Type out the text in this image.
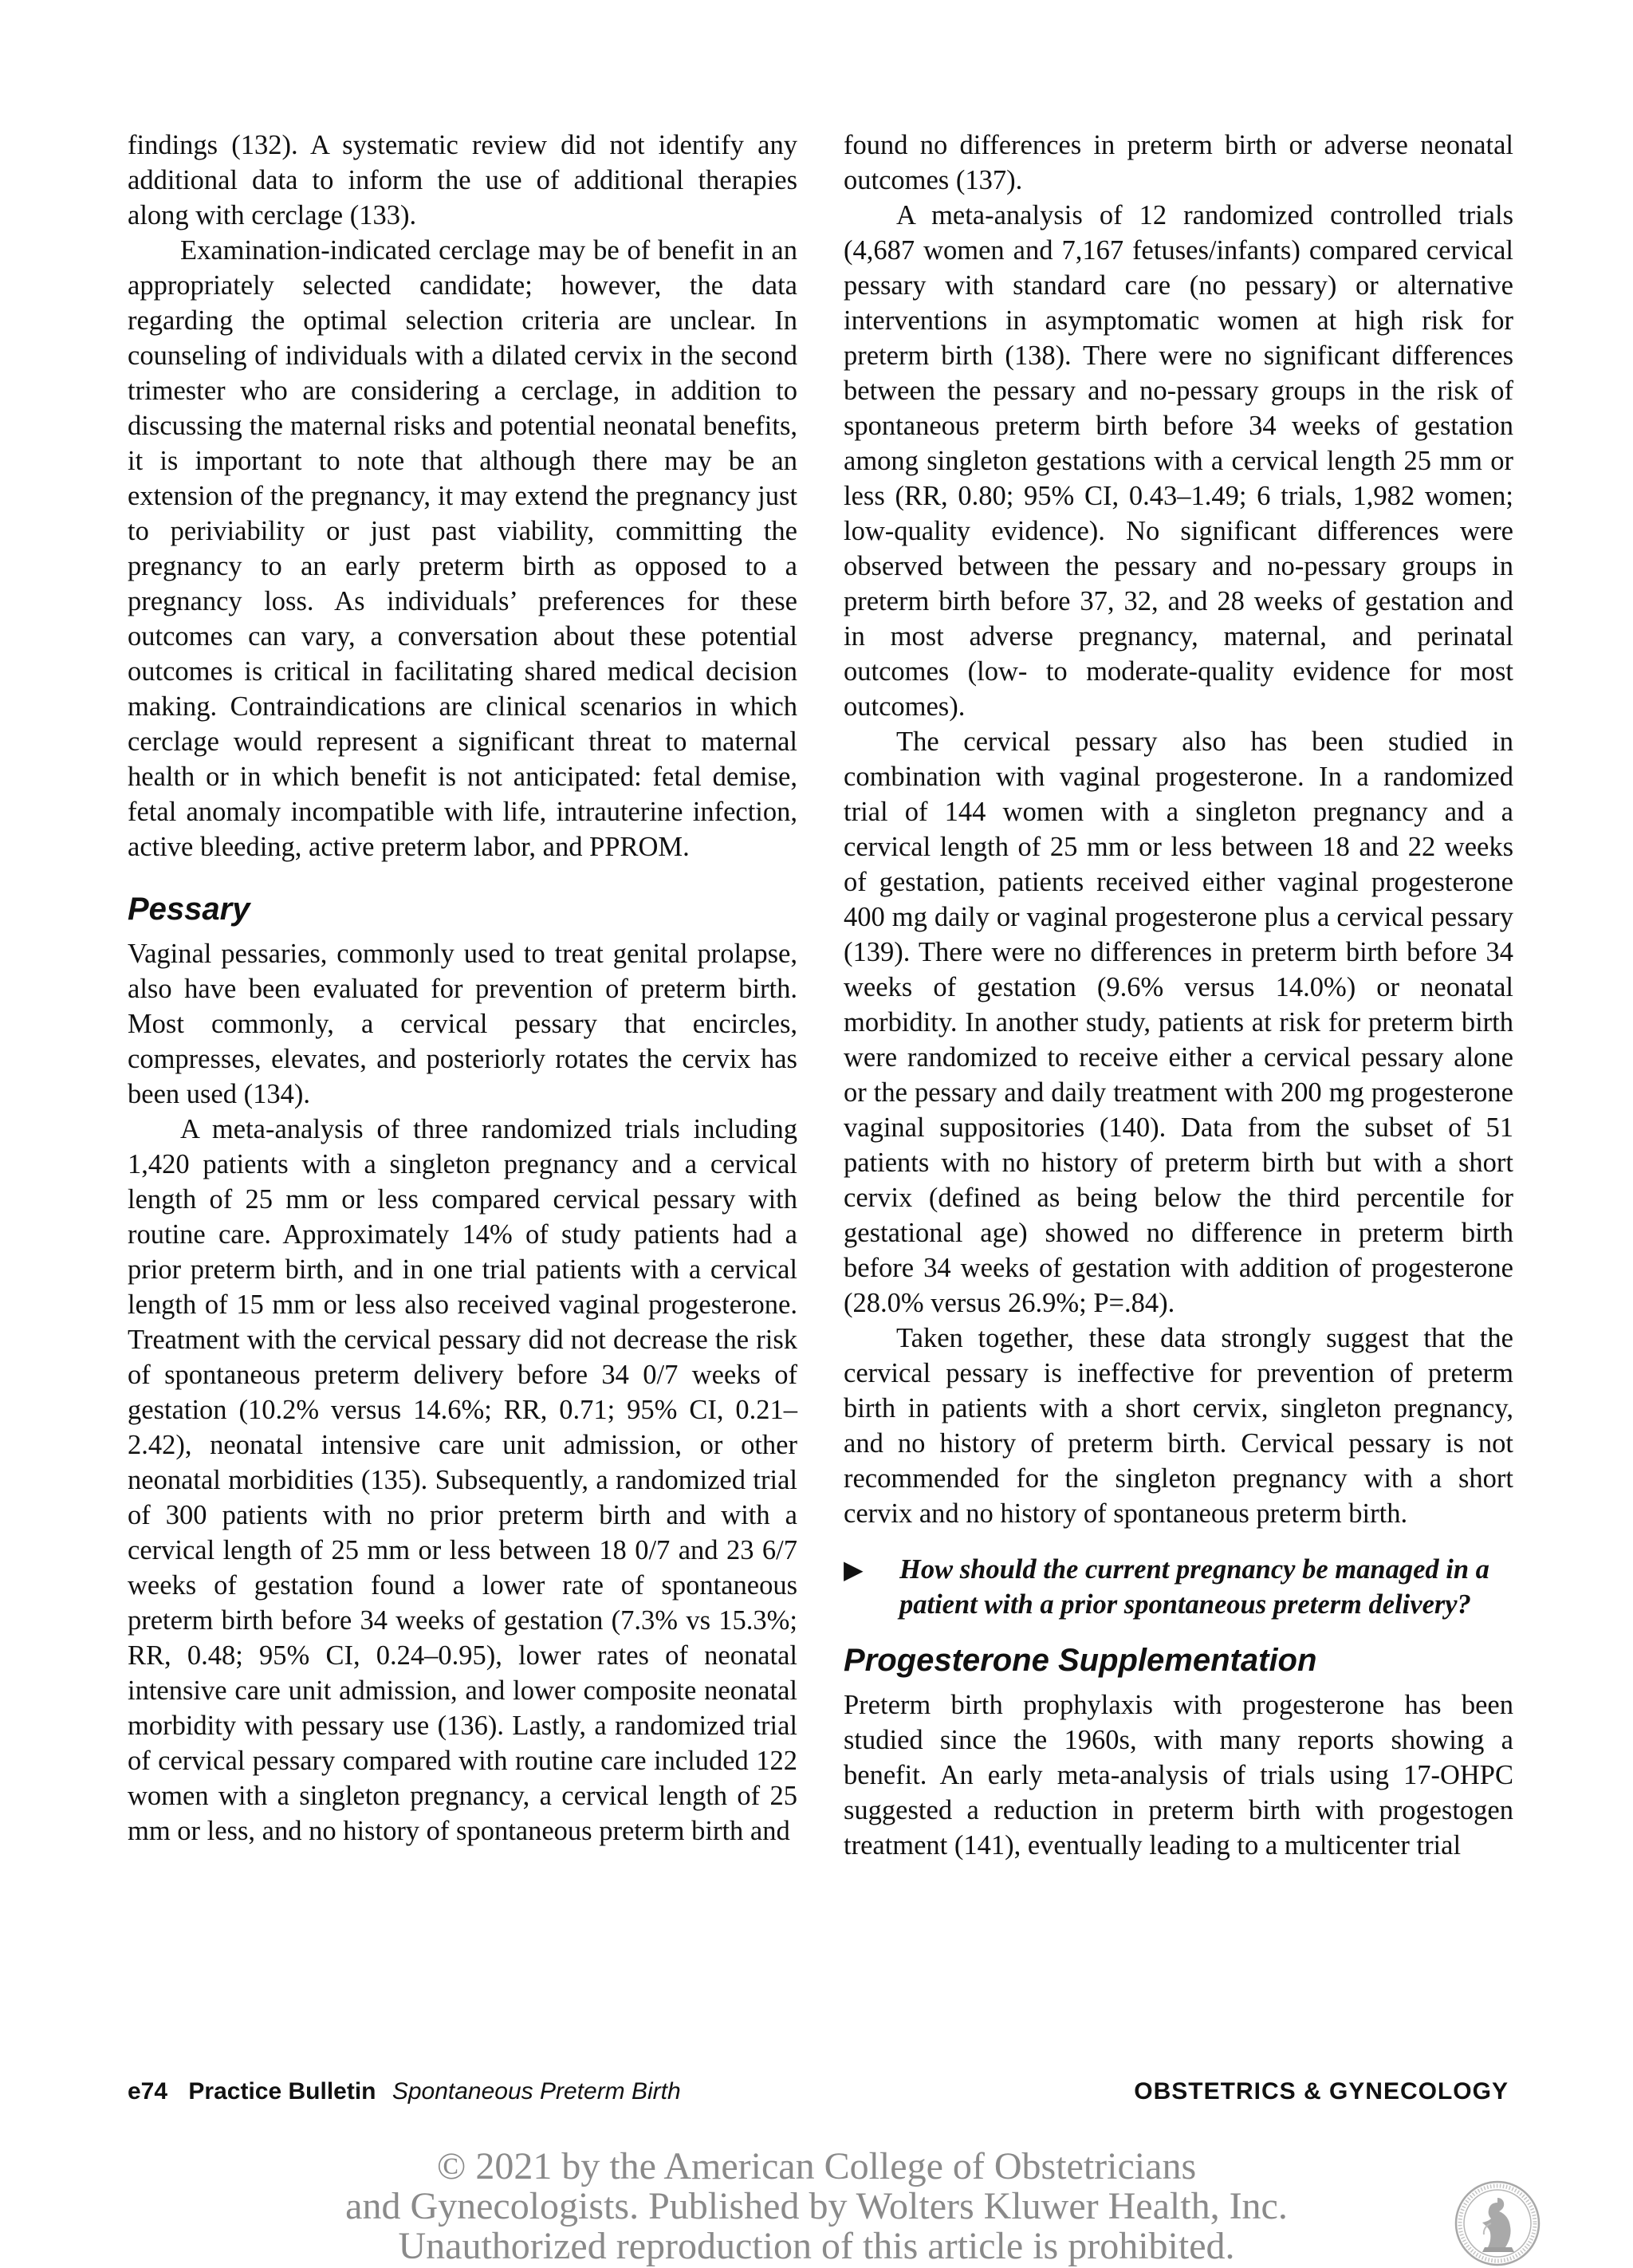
findings (132). A systematic review did not identify any additional data to inform the use of additional therapies along with cerclage (133).

Examination-indicated cerclage may be of benefit in an appropriately selected candidate; however, the data regarding the optimal selection criteria are unclear. In counseling of individuals with a dilated cervix in the second trimester who are considering a cerclage, in addition to discussing the maternal risks and potential neonatal benefits, it is important to note that although there may be an extension of the pregnancy, it may extend the pregnancy just to periviability or just past viability, committing the pregnancy to an early preterm birth as opposed to a pregnancy loss. As individuals’ preferences for these outcomes can vary, a conversation about these potential outcomes is critical in facilitating shared medical decision making. Contraindications are clinical scenarios in which cerclage would represent a significant threat to maternal health or in which benefit is not anticipated: fetal demise, fetal anomaly incompatible with life, intrauterine infection, active bleeding, active preterm labor, and PPROM.

Pessary

Vaginal pessaries, commonly used to treat genital prolapse, also have been evaluated for prevention of preterm birth. Most commonly, a cervical pessary that encircles, compresses, elevates, and posteriorly rotates the cervix has been used (134).

A meta-analysis of three randomized trials including 1,420 patients with a singleton pregnancy and a cervical length of 25 mm or less compared cervical pessary with routine care. Approximately 14% of study patients had a prior preterm birth, and in one trial patients with a cervical length of 15 mm or less also received vaginal progesterone. Treatment with the cervical pessary did not decrease the risk of spontaneous preterm delivery before 34 0/7 weeks of gestation (10.2% versus 14.6%; RR, 0.71; 95% CI, 0.21–2.42), neonatal intensive care unit admission, or other neonatal morbidities (135). Subsequently, a randomized trial of 300 patients with no prior preterm birth and with a cervical length of 25 mm or less between 18 0/7 and 23 6/7 weeks of gestation found a lower rate of spontaneous preterm birth before 34 weeks of gestation (7.3% vs 15.3%; RR, 0.48; 95% CI, 0.24–0.95), lower rates of neonatal intensive care unit admission, and lower composite neonatal morbidity with pessary use (136). Lastly, a randomized trial of cervical pessary compared with routine care included 122 women with a singleton pregnancy, a cervical length of 25 mm or less, and no history of spontaneous preterm birth and

found no differences in preterm birth or adverse neonatal outcomes (137).

A meta-analysis of 12 randomized controlled trials (4,687 women and 7,167 fetuses/infants) compared cervical pessary with standard care (no pessary) or alternative interventions in asymptomatic women at high risk for preterm birth (138). There were no significant differences between the pessary and no-pessary groups in the risk of spontaneous preterm birth before 34 weeks of gestation among singleton gestations with a cervical length 25 mm or less (RR, 0.80; 95% CI, 0.43–1.49; 6 trials, 1,982 women; low-quality evidence). No significant differences were observed between the pessary and no-pessary groups in preterm birth before 37, 32, and 28 weeks of gestation and in most adverse pregnancy, maternal, and perinatal outcomes (low- to moderate-quality evidence for most outcomes).

The cervical pessary also has been studied in combination with vaginal progesterone. In a randomized trial of 144 women with a singleton pregnancy and a cervical length of 25 mm or less between 18 and 22 weeks of gestation, patients received either vaginal progesterone 400 mg daily or vaginal progesterone plus a cervical pessary (139). There were no differences in preterm birth before 34 weeks of gestation (9.6% versus 14.0%) or neonatal morbidity. In another study, patients at risk for preterm birth were randomized to receive either a cervical pessary alone or the pessary and daily treatment with 200 mg progesterone vaginal suppositories (140). Data from the subset of 51 patients with no history of preterm birth but with a short cervix (defined as being below the third percentile for gestational age) showed no difference in preterm birth before 34 weeks of gestation with addition of progesterone (28.0% versus 26.9%; P=.84).

Taken together, these data strongly suggest that the cervical pessary is ineffective for prevention of preterm birth in patients with a short cervix, singleton pregnancy, and no history of preterm birth. Cervical pessary is not recommended for the singleton pregnancy with a short cervix and no history of spontaneous preterm birth.

▶	How should the current pregnancy be managed in a patient with a prior spontaneous preterm delivery?
Progesterone Supplementation

Preterm birth prophylaxis with progesterone has been studied since the 1960s, with many reports showing a benefit. An early meta-analysis of trials using 17-OHPC suggested a reduction in preterm birth with progestogen treatment (141), eventually leading to a multicenter trial

e74 Practice Bulletin Spontaneous Preterm Birth	OBSTETRICS & GYNECOLOGY
© 2021 by the American College of Obstetricians
and Gynecologists. Published by Wolters Kluwer Health, Inc.
Unauthorized reproduction of this article is prohibited.
